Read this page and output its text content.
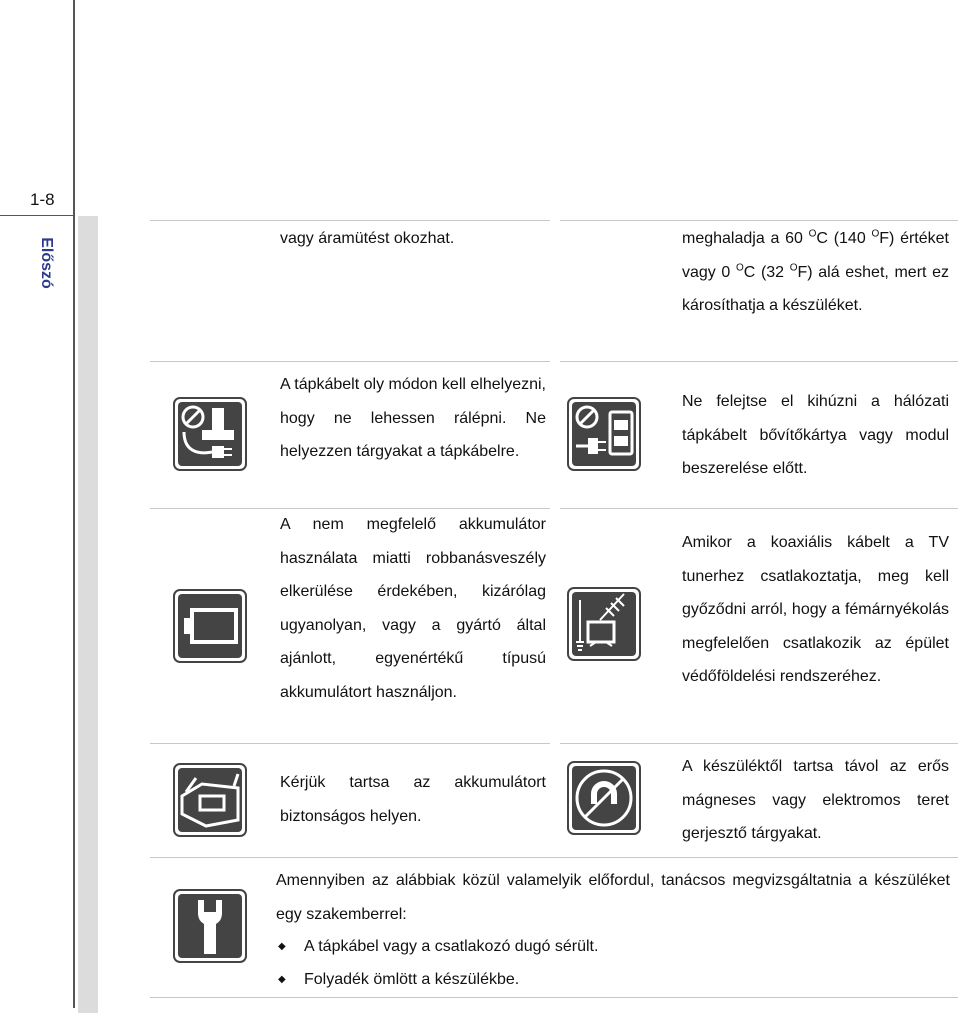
1-8
Előszó	vagy áramütést okozhat.
A tápkábelt oly módon kell elhelyezni, hogy ne lehessen rálépni. Ne helyezzen tárgyakat a tápkábelre.
A nem megfelelő akkumulátor használata miatti robbanásveszély elkerülése érdekében, kizárólag ugyanolyan, vagy a gyártó által ajánlott, egyenértékű típusú akkumulátort használjon.
Kérjük tartsa az akkumulátort biztonságos helyen.
meghaladja a 60 $^O$C (140 $^O$F) értéket vagy 0 $^O$C (32 $^O$F) alá eshet, mert ez károsíthatja a készüléket.
Ne felejtse el kihúzni a hálózati tápkábelt bővítőkártya vagy modul beszerelése előtt.
Amikor a koaxiális kábelt a TV tunerhez csatlakoztatja, meg kell győződni arról, hogy a fémárnyékolás megfelelően csatlakozik az épület védőföldelési rendszeréhez.
A készüléktől tartsa távol az erős mágneses vagy elektromos teret gerjesztő tárgyakat.
Amennyiben az alábbiak közül valamelyik előfordul, tanácsos megvizsgáltatnia a készüléket egy szakemberrel:
◆ A tápkábel vagy a csatlakozó dugó sérült.
◆ Folyadék ömlött a készülékbe.
